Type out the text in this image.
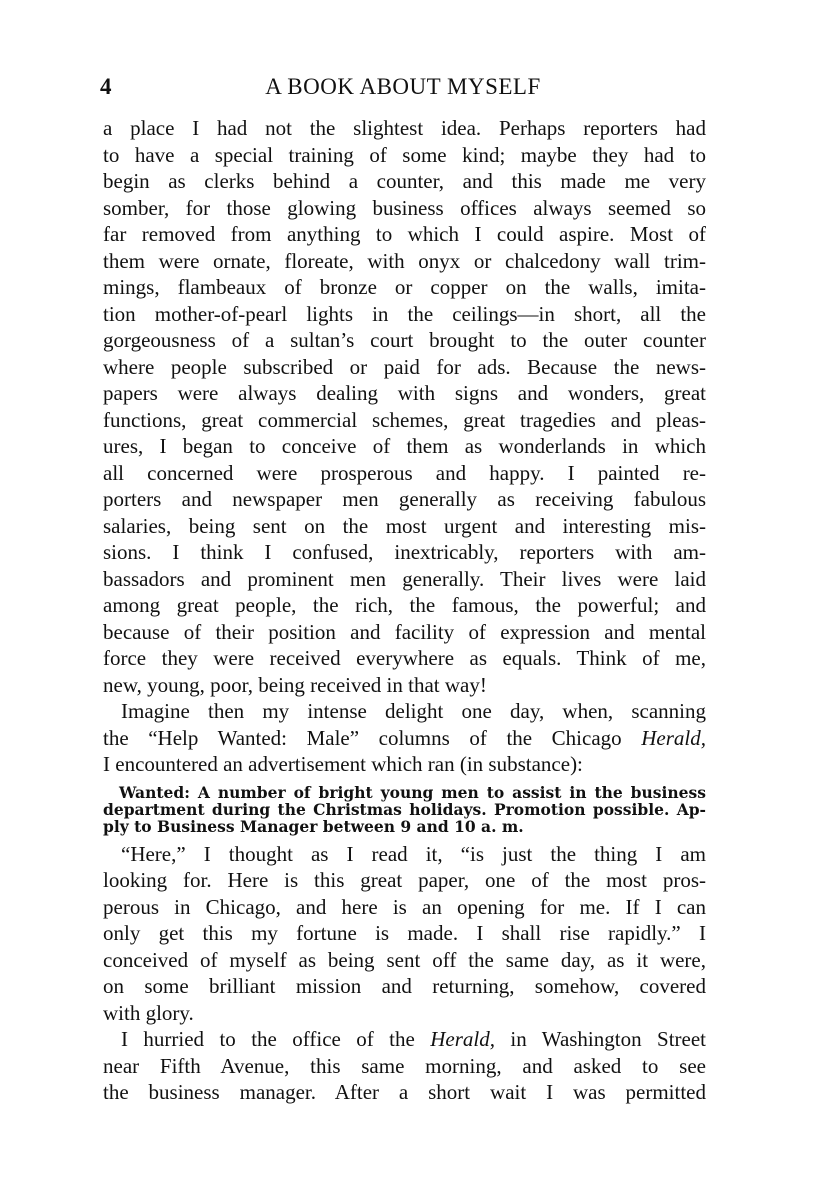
4	A BOOK ABOUT MYSELF

a place I had not the slightest idea. Perhaps reporters had
to have a special training of some kind; maybe they had to
begin as clerks behind a counter, and this made me very
somber, for those glowing business offices always seemed so
far removed from anything to which I could aspire. Most of
them were ornate, floreate, with onyx or chalcedony wall trim-
mings, flambeaux of bronze or copper on the walls, imita-
tion mother-of-pearl lights in the ceilings—in short, all the
gorgeousness of a sultan’s court brought to the outer counter
where people subscribed or paid for ads. Because the news-
papers were always dealing with signs and wonders, great
functions, great commercial schemes, great tragedies and pleas-
ures, I began to conceive of them as wonderlands in which
all concerned were prosperous and happy. I painted re-
porters and newspaper men generally as receiving fabulous
salaries, being sent on the most urgent and interesting mis-
sions. I think I confused, inextricably, reporters with am-
bassadors and prominent men generally. Their lives were laid
among great people, the rich, the famous, the powerful; and
because of their position and facility of expression and mental
force they were received everywhere as equals. Think of me,
new, young, poor, being received in that way!

Imagine then my intense delight one day, when, scanning
the “Help Wanted: Male” columns of the Chicago Herald,
I encountered an advertisement which ran (in substance):

Wanted: A number of bright young men to assist in the business
department during the Christmas holidays. Promotion possible. Ap-
ply to Business Manager between 9 and 10 a. m.

“Here,” I thought as I read it, “is just the thing I am
looking for. Here is this great paper, one of the most pros-
perous in Chicago, and here is an opening for me. If I can
only get this my fortune is made. I shall rise rapidly.” I
conceived of myself as being sent off the same day, as it were,
on some brilliant mission and returning, somehow, covered
with glory.

I hurried to the office of the Herald, in Washington Street
near Fifth Avenue, this same morning, and asked to see
the business manager. After a short wait I was permitted
